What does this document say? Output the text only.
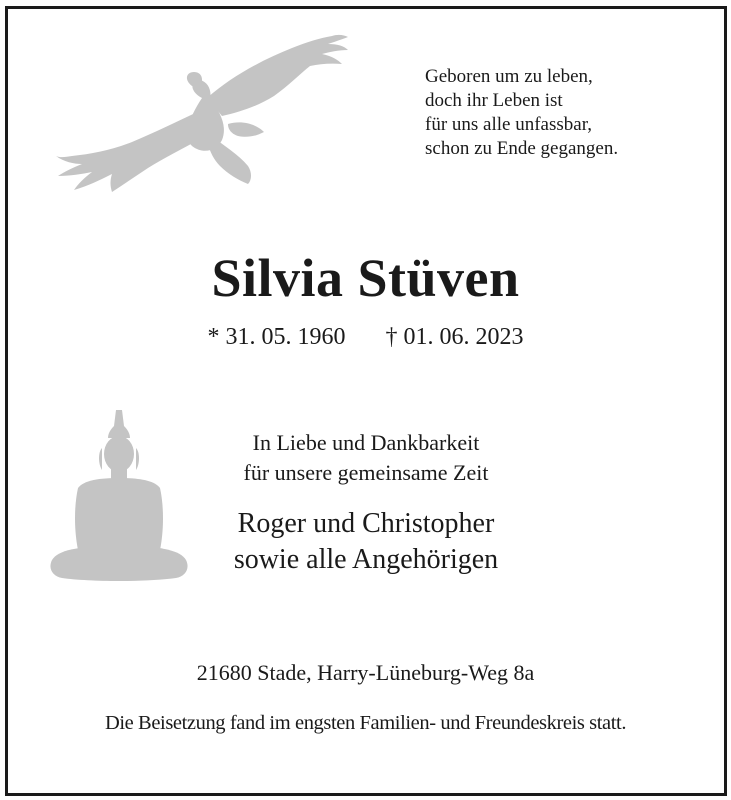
Geboren um zu leben,
doch ihr Leben ist
für uns alle unfassbar,
schon zu Ende gegangen.
Silvia Stüven
* 31. 05. 1960 † 01. 06. 2023
In Liebe und Dankbarkeit
für unsere gemeinsame Zeit
Roger und Christopher
sowie alle Angehörigen
21680 Stade, Harry-Lüneburg-Weg 8a
Die Beisetzung fand im engsten Familien- und Freundeskreis statt.
